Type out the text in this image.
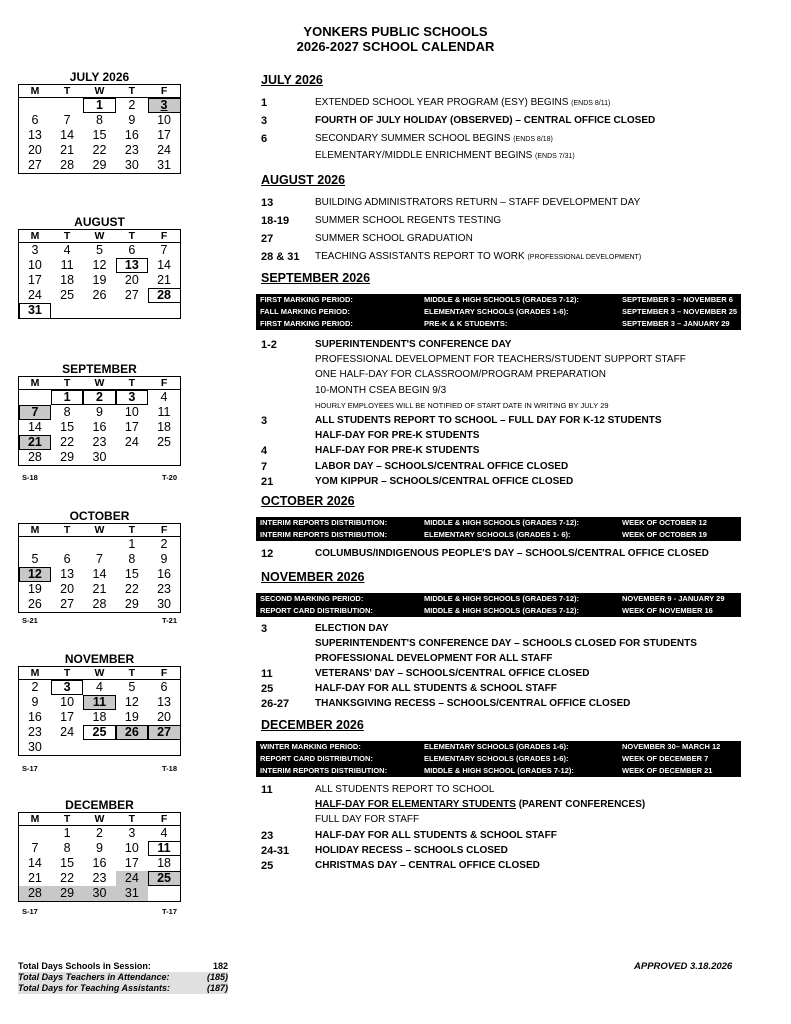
YONKERS PUBLIC SCHOOLS
2026-2027 SCHOOL CALENDAR
JULY 2026
M	T	W	T	F
		1	2	3
6	7	8	9	10
13	14	15	16	17
20	21	22	23	24
27	28	29	30	31
AUGUST
M	T	W	T	F
3	4	5	6	7
10	11	12	13	14
17	18	19	20	21
24	25	26	27	28
31				
SEPTEMBER
M	T	W	T	F
	1	2	3	4
7	8	9	10	11
14	15	16	17	18
21	22	23	24	25
28	29	30		
S-18	T-20
OCTOBER
M	T	W	T	F
			1	2
5	6	7	8	9
12	13	14	15	16
19	20	21	22	23
26	27	28	29	30
S-21	T-21
NOVEMBER
M	T	W	T	F
2	3	4	5	6
9	10	11	12	13
16	17	18	19	20
23	24	25	26	27
30				
S-17	T-18
DECEMBER
M	T	W	T	F
	1	2	3	4
7	8	9	10	11
14	15	16	17	18
21	22	23	24	25
28	29	30	31	
S-17	T-17
JULY 2026
1	EXTENDED SCHOOL YEAR PROGRAM (ESY) BEGINS (ENDS 8/11)
3	FOURTH OF JULY HOLIDAY (OBSERVED) – CENTRAL OFFICE CLOSED
6	SECONDARY SUMMER SCHOOL BEGINS (ENDS 8/18)
ELEMENTARY/MIDDLE ENRICHMENT BEGINS (ENDS 7/31)
AUGUST 2026
13	BUILDING ADMINISTRATORS RETURN – STAFF DEVELOPMENT DAY
18-19	SUMMER SCHOOL REGENTS TESTING
27	SUMMER SCHOOL GRADUATION
28 & 31 TEACHING ASSISTANTS REPORT TO WORK (PROFESSIONAL DEVELOPMENT)
SEPTEMBER 2026
FIRST MARKING PERIOD:	MIDDLE & HIGH SCHOOLS (GRADES 7-12):	SEPTEMBER 3 – NOVEMBER 6
FALL MARKING PERIOD:	ELEMENTARY SCHOOLS (GRADES 1-6):	SEPTEMBER 3 – NOVEMBER 25
FIRST MARKING PERIOD:	PRE-K & K STUDENTS:	SEPTEMBER 3 – JANUARY 29
1-2	SUPERINTENDENT'S CONFERENCE DAY
PROFESSIONAL DEVELOPMENT FOR TEACHERS/STUDENT SUPPORT STAFF
ONE HALF-DAY FOR CLASSROOM/PROGRAM PREPARATION
10-MONTH CSEA BEGIN 9/3
HOURLY EMPLOYEES WILL BE NOTIFIED OF START DATE IN WRITING BY JULY 29
3	ALL STUDENTS REPORT TO SCHOOL – FULL DAY FOR K-12 STUDENTS
HALF-DAY FOR PRE-K STUDENTS
4	HALF-DAY FOR PRE-K STUDENTS
7	LABOR DAY – SCHOOLS/CENTRAL OFFICE CLOSED
21	YOM KIPPUR – SCHOOLS/CENTRAL OFFICE CLOSED
OCTOBER 2026
INTERIM REPORTS DISTRIBUTION:	MIDDLE & HIGH SCHOOLS (GRADES 7-12):	WEEK OF OCTOBER 12
INTERIM REPORTS DISTRIBUTION:	ELEMENTARY SCHOOLS (GRADES 1- 6):	WEEK OF OCTOBER 19
12	COLUMBUS/INDIGENOUS PEOPLE'S DAY – SCHOOLS/CENTRAL OFFICE CLOSED
NOVEMBER 2026
SECOND MARKING PERIOD:	MIDDLE & HIGH SCHOOLS (GRADES 7-12):	NOVEMBER 9 - JANUARY 29
REPORT CARD DISTRIBUTION:	MIDDLE & HIGH SCHOOLS (GRADES 7-12):	WEEK OF NOVEMBER 16
3	ELECTION DAY
SUPERINTENDENT'S CONFERENCE DAY – SCHOOLS CLOSED FOR STUDENTS
PROFESSIONAL DEVELOPMENT FOR ALL STAFF
11	VETERANS' DAY – SCHOOLS/CENTRAL OFFICE CLOSED
25	HALF-DAY FOR ALL STUDENTS & SCHOOL STAFF
26-27	THANKSGIVING RECESS – SCHOOLS/CENTRAL OFFICE CLOSED
DECEMBER 2026
WINTER MARKING PERIOD:	ELEMENTARY SCHOOLS (GRADES 1-6):	NOVEMBER 30– MARCH 12
REPORT CARD DISTRIBUTION:	ELEMENTARY SCHOOLS (GRADES 1-6):	WEEK OF DECEMBER 7
INTERIM REPORTS DISTRIBUTION:	MIDDLE & HIGH SCHOOL (GRADES 7-12):	WEEK OF DECEMBER 21
11	ALL STUDENTS REPORT TO SCHOOL
HALF-DAY FOR ELEMENTARY STUDENTS (PARENT CONFERENCES)
FULL DAY FOR STAFF
23	HALF-DAY FOR ALL STUDENTS & SCHOOL STAFF
24-31	HOLIDAY RECESS – SCHOOLS CLOSED
25	CHRISTMAS DAY – CENTRAL OFFICE CLOSED
Total Days Schools in Session:	182
Total Days Teachers in Attendance:	(185)
Total Days for Teaching Assistants:	(187)
APPROVED 3.18.2026
